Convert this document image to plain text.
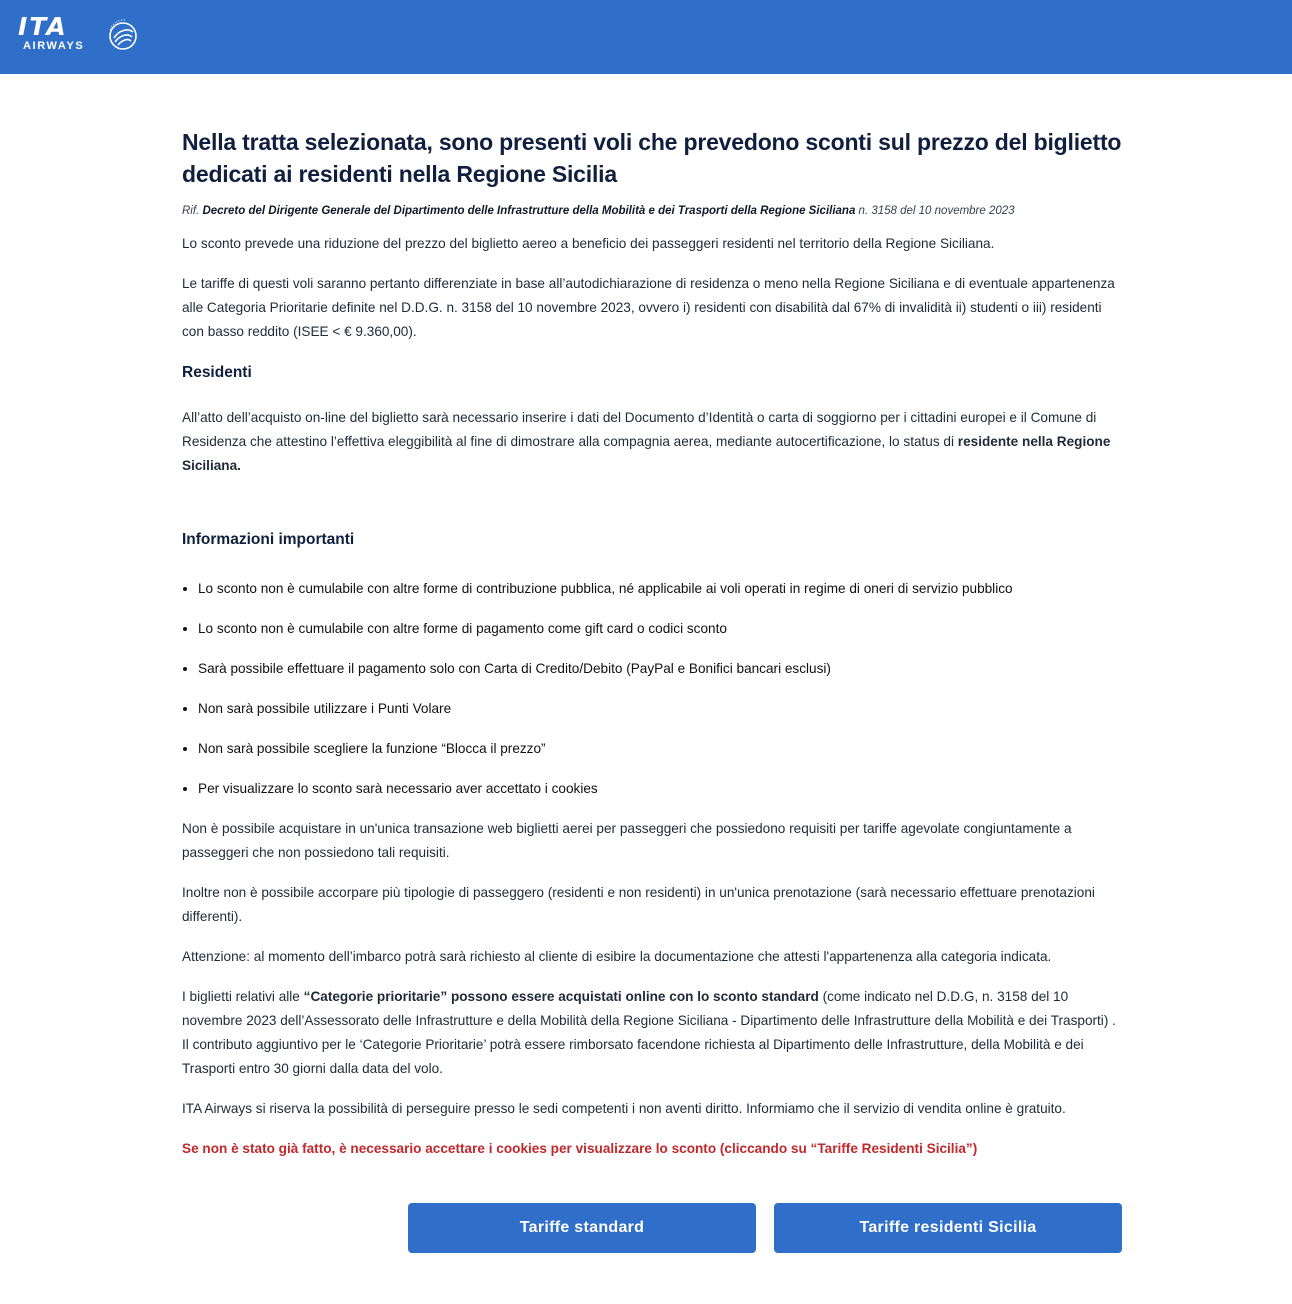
ITA
AIRWAYS
Nella tratta selezionata, sono presenti voli che prevedono sconti sul prezzo del biglietto dedicati ai residenti nella Regione Sicilia
Rif. Decreto del Dirigente Generale del Dipartimento delle Infrastrutture della Mobilità e dei Trasporti della Regione Siciliana n. 3158 del 10 novembre 2023

Lo sconto prevede una riduzione del prezzo del biglietto aereo a beneficio dei passeggeri residenti nel territorio della Regione Siciliana.

Le tariffe di questi voli saranno pertanto differenziate in base all’autodichiarazione di residenza o meno nella Regione Siciliana e di eventuale appartenenza alle Categoria Prioritarie definite nel D.D.G. n. 3158 del 10 novembre 2023, ovvero i) residenti con disabilità dal 67% di invalidità ii) studenti o iii) residenti con basso reddito (ISEE < € 9.360,00).

Residenti

All’atto dell’acquisto on-line del biglietto sarà necessario inserire i dati del Documento d’Identità o carta di soggiorno per i cittadini europei e il Comune di Residenza che attestino l’effettiva eleggibilità al fine di dimostrare alla compagnia aerea, mediante autocertificazione, lo status di residente nella Regione Siciliana.

Informazioni importanti
• Lo sconto non è cumulabile con altre forme di contribuzione pubblica, né applicabile ai voli operati in regime di oneri di servizio pubblico
• Lo sconto non è cumulabile con altre forme di pagamento come gift card o codici sconto
• Sarà possibile effettuare il pagamento solo con Carta di Credito/Debito (PayPal e Bonifici bancari esclusi)
• Non sarà possibile utilizzare i Punti Volare
• Non sarà possibile scegliere la funzione “Blocca il prezzo”
• Per visualizzare lo sconto sarà necessario aver accettato i cookies

Non è possibile acquistare in un'unica transazione web biglietti aerei per passeggeri che possiedono requisiti per tariffe agevolate congiuntamente a passeggeri che non possiedono tali requisiti.

Inoltre non è possibile accorpare più tipologie di passeggero (residenti e non residenti) in un'unica prenotazione (sarà necessario effettuare prenotazioni differenti).

Attenzione: al momento dell’imbarco potrà sarà richiesto al cliente di esibire la documentazione che attesti l'appartenenza alla categoria indicata.

I biglietti relativi alle “Categorie prioritarie” possono essere acquistati online con lo sconto standard (come indicato nel D.D.G, n. 3158 del 10 novembre 2023 dell’Assessorato delle Infrastrutture e della Mobilità della Regione Siciliana - Dipartimento delle Infrastrutture della Mobilità e dei Trasporti) . Il contributo aggiuntivo per le ‘Categorie Prioritarie’ potrà essere rimborsato facendone richiesta al Dipartimento delle Infrastrutture, della Mobilità e dei Trasporti entro 30 giorni dalla data del volo.

ITA Airways si riserva la possibilità di perseguire presso le sedi competenti i non aventi diritto. Informiamo che il servizio di vendita online è gratuito.

Se non è stato già fatto, è necessario accettare i cookies per visualizzare lo sconto (cliccando su “Tariffe Residenti Sicilia”)

Tariffe standard	Tariffe residenti Sicilia
